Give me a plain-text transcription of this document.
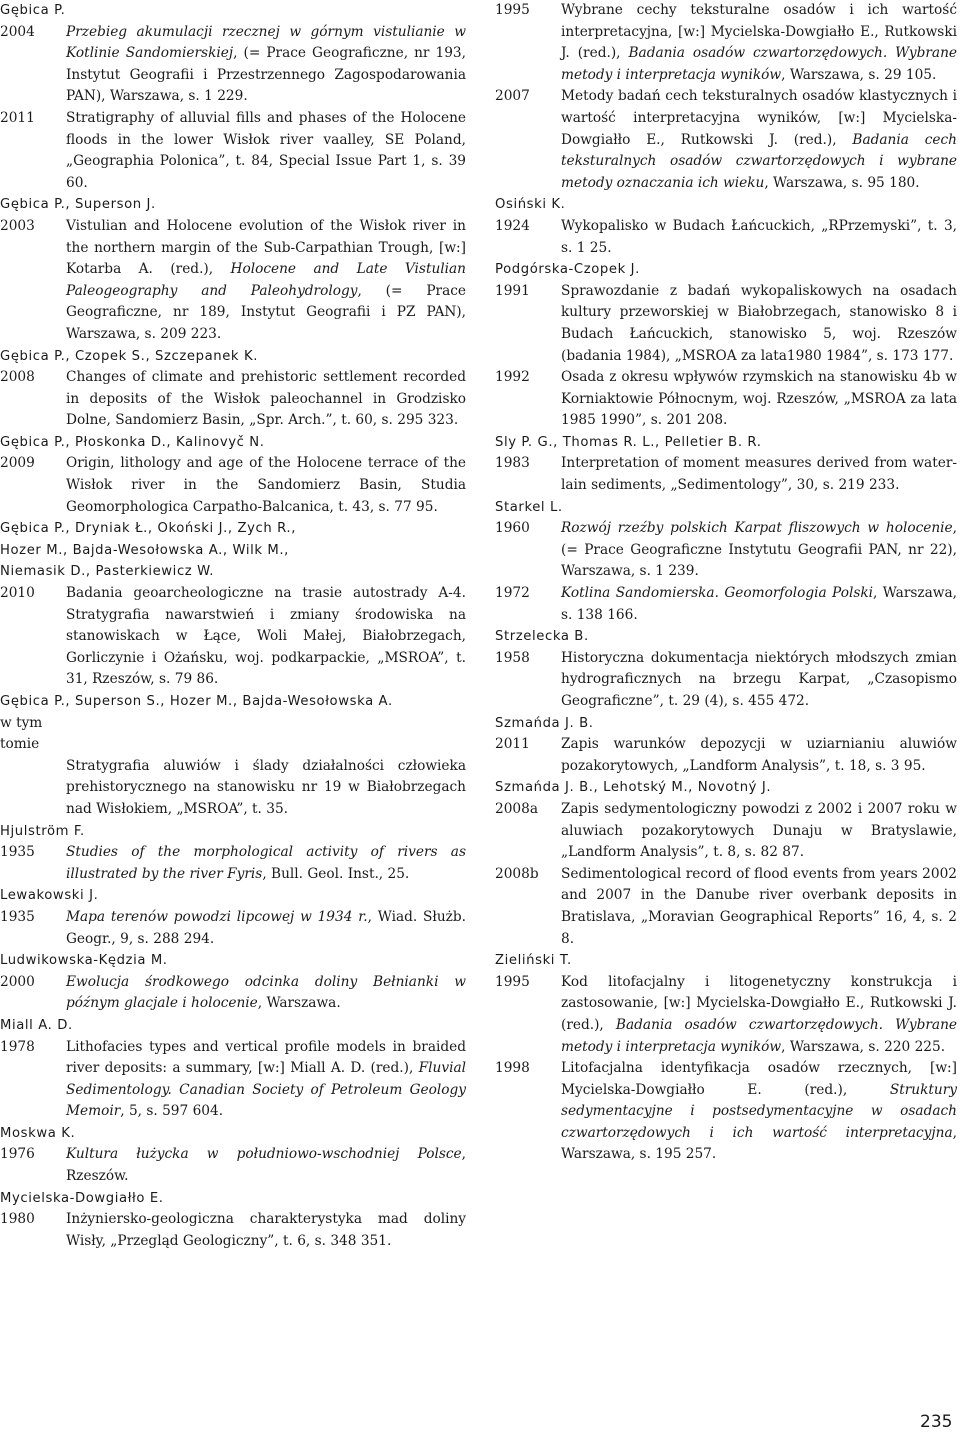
Gębica P.
2004	Przebieg akumulacji rzecznej w górnym vistulianie w Kotlinie Sandomierskiej, (= Prace Geograficzne, nr 193, Instytut Geografii i Przestrzennego Zagospodarowania PAN), Warszawa, s. 1 229.
2011	Stratigraphy of alluvial fills and phases of the Holocene floods in the lower Wisłok river vaalley, SE Poland, „Geographia Polonica”, t. 84, Special Issue Part 1, s. 39 60.
Gębica P., Superson J.
2003	Vistulian and Holocene evolution of the Wisłok river in the northern margin of the Sub-Carpathian Trough, [w:] Kotarba A. (red.), Holocene and Late Vistulian Paleogeography and Paleohydrology, (= Prace Geograficzne, nr 189, Instytut Geografii i PZ PAN), Warszawa, s. 209 223.
Gębica P., Czopek S., Szczepanek K.
2008	Changes of climate and prehistoric settlement recorded in deposits of the Wisłok paleochannel in Grodzisko Dolne, Sandomierz Basin, „Spr. Arch.”, t. 60, s. 295 323.
Gębica P., Płoskonka D., Kalinovyč N.
2009	Origin, lithology and age of the Holocene terrace of the Wisłok river in the Sandomierz Basin, Studia Geomorphologica Carpatho-Balcanica, t. 43, s. 77 95.
Gębica P., Dryniak Ł., Okoński J., Zych R.,
Hozer M., Bajda-Wesołowska A., Wilk M.,
Niemasik D., Pasterkiewicz W.
2010	Badania geoarcheologiczne na trasie autostrady A-4. Stratygrafia nawarstwień i zmiany środowiska na stanowiskach w Łące, Woli Małej, Białobrzegach, Gorliczynie i Ożańsku, woj. podkarpackie, „MSROA”, t. 31, Rzeszów, s. 79 86.
Gębica P., Superson S., Hozer M., Bajda-Wesołowska A.
w tym tomie
Stratygrafia aluwiów i ślady działalności człowieka prehistorycznego na stanowisku nr 19 w Białobrzegach nad Wisłokiem, „MSROA”, t. 35.
Hjulström F.
1935	Studies of the morphological activity of rivers as illustrated by the river Fyris, Bull. Geol. Inst., 25.
Lewakowski J.
1935	Mapa terenów powodzi lipcowej w 1934 r., Wiad. Służb. Geogr., 9, s. 288 294.
Ludwikowska-Kędzia M.
2000	Ewolucja środkowego odcinka doliny Bełnianki w późnym glacjale i holocenie, Warszawa.
Miall A. D.
1978	Lithofacies types and vertical profile models in braided river deposits: a summary, [w:] Miall A. D. (red.), Fluvial Sedimentology. Canadian Society of Petroleum Geology Memoir, 5, s. 597 604.
Moskwa K.
1976	Kultura łużycka w południowo-wschodniej Polsce, Rzeszów.
Mycielska-Dowgiałło E.
1980	Inżyniersko-geologiczna charakterystyka mad doliny Wisły, „Przegląd Geologiczny”, t. 6, s. 348 351.
1995	Wybrane cechy teksturalne osadów i ich wartość interpretacyjna, [w:] Mycielska-Dowgiałło E., Rutkowski J. (red.), Badania osadów czwartorzędowych. Wybrane metody i interpretacja wyników, Warszawa, s. 29 105.
2007	Metody badań cech teksturalnych osadów klastycznych i wartość interpretacyjna wyników, [w:] Mycielska-Dowgiałło E., Rutkowski J. (red.), Badania cech teksturalnych osadów czwartorzędowych i wybrane metody oznaczania ich wieku, Warszawa, s. 95 180.
Osiński K.
1924	Wykopalisko w Budach Łańcuckich, „RPrzemyski”, t. 3, s. 1 25.
Podgórska-Czopek J.
1991	Sprawozdanie z badań wykopaliskowych na osadach kultury przeworskiej w Białobrzegach, stanowisko 8 i Budach Łańcuckich, stanowisko 5, woj. Rzeszów (badania 1984), „MSROA za lata1980 1984”, s. 173 177.
1992	Osada z okresu wpływów rzymskich na stanowisku 4b w Korniaktowie Północnym, woj. Rzeszów, „MSROA za lata 1985 1990”, s. 201 208.
Sly P. G., Thomas R. L., Pelletier B. R.
1983	Interpretation of moment measures derived from water-lain sediments, „Sedimentology”, 30, s. 219 233.
Starkel L.
1960	Rozwój rzeźby polskich Karpat fliszowych w holocenie, (= Prace Geograficzne Instytutu Geografii PAN, nr 22), Warszawa, s. 1 239.
1972	Kotlina Sandomierska. Geomorfologia Polski, Warszawa, s. 138 166.
Strzelecka B.
1958	Historyczna dokumentacja niektórych młodszych zmian hydrograficznych na brzegu Karpat, „Czasopismo Geograficzne”, t. 29 (4), s. 455 472.
Szmańda J. B.
2011	Zapis warunków depozycji w uziarnianiu aluwiów pozakorytowych, „Landform Analysis”, t. 18, s. 3 95.
Szmańda J. B., Lehotský M., Novotný J.
2008a	Zapis sedymentologiczny powodzi z 2002 i 2007 roku w aluwiach pozakorytowych Dunaju w Bratyslawie, „Landform Analysis”, t. 8, s. 82 87.
2008b	Sedimentological record of flood events from years 2002 and 2007 in the Danube river overbank deposits in Bratislava, „Moravian Geographical Reports” 16, 4, s. 2 8.
Zieliński T.
1995	Kod litofacjalny i litogenetyczny konstrukcja i zastosowanie, [w:] Mycielska-Dowgiałło E., Rutkowski J. (red.), Badania osadów czwartorzędowych. Wybrane metody i interpretacja wyników, Warszawa, s. 220 225.
1998	Litofacjalna identyfikacja osadów rzecznych, [w:] Mycielska-Dowgiałło E. (red.), Struktury sedymentacyjne i postsedymentacyjne w osadach czwartorzędowych i ich wartość interpretacyjna, Warszawa, s. 195 257.
235
